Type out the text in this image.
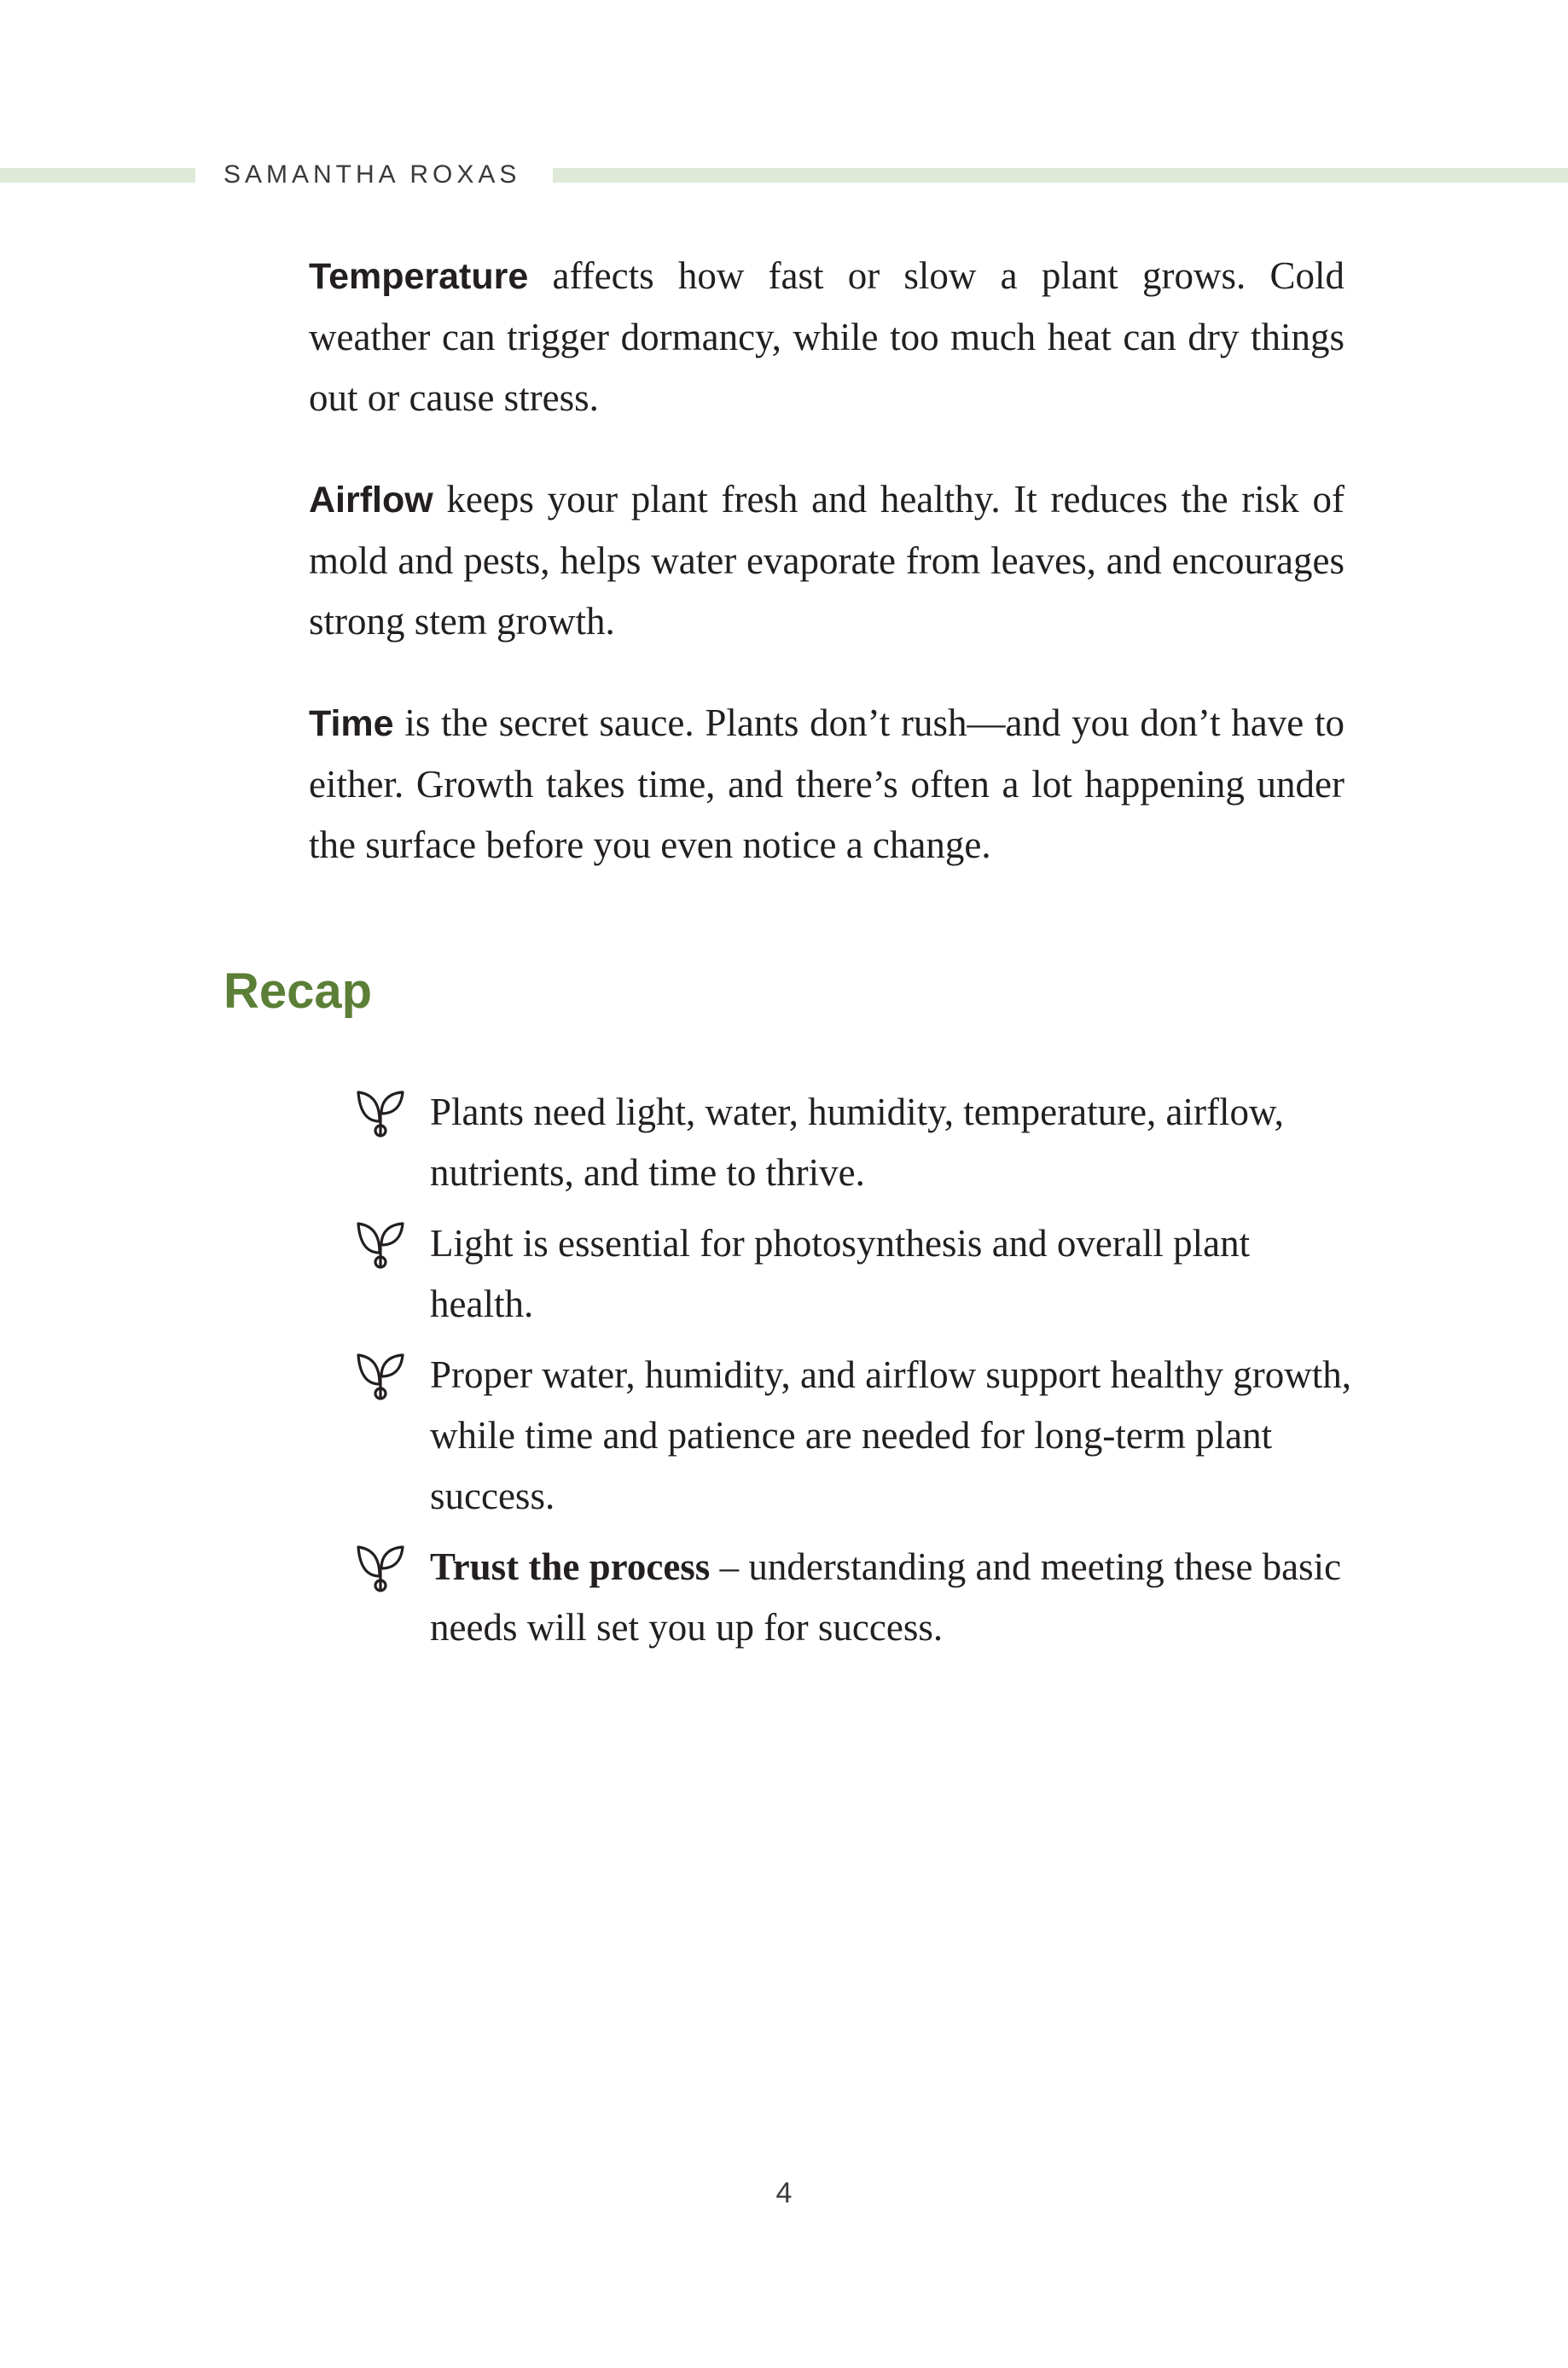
SAMANTHA ROXAS

Temperature affects how fast or slow a plant grows. Cold weather can trigger dormancy, while too much heat can dry things out or cause stress.

Airflow keeps your plant fresh and healthy. It reduces the risk of mold and pests, helps water evaporate from leaves, and encourages strong stem growth.

Time is the secret sauce. Plants don’t rush—and you don’t have to either. Growth takes time, and there’s often a lot happening under the surface before you even notice a change.

Recap
Plants need light, water, humidity, temperature, airflow, nutrients, and time to thrive.
Light is essential for photosynthesis and overall plant health.
Proper water, humidity, and airflow support healthy growth, while time and patience are needed for long-term plant success.
Trust the process – understanding and meeting these basic needs will set you up for success.
4
